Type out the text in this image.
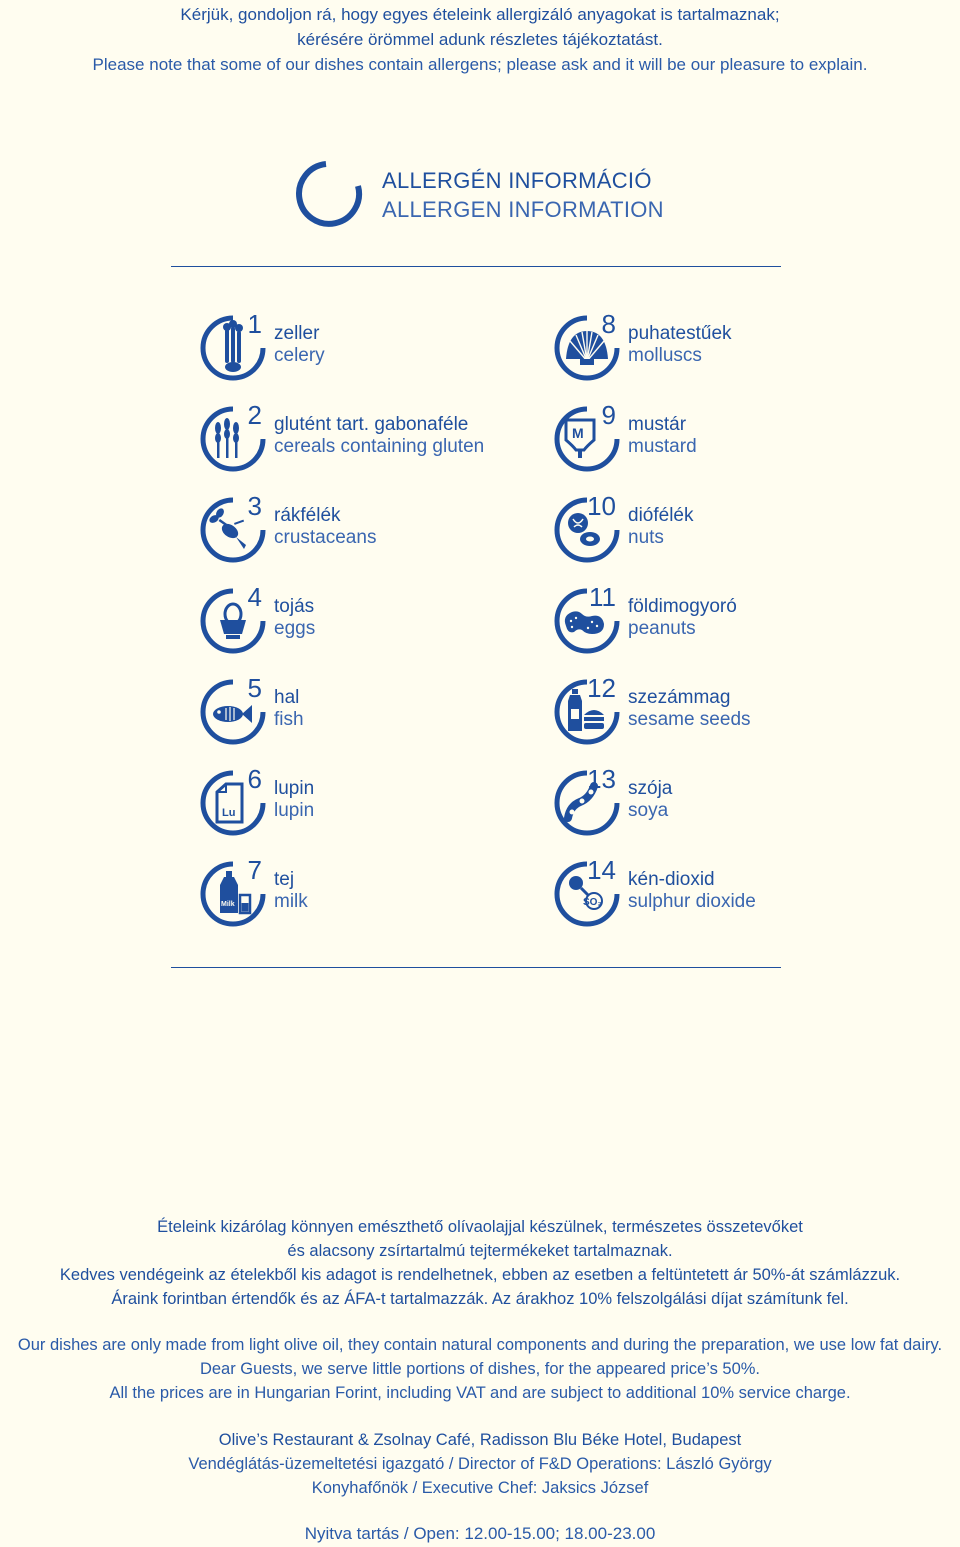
Kérjük, gondoljon rá, hogy egyes ételeink allergizáló anyagokat is tartalmaznak;
kérésére örömmel adunk részletes tájékoztatást.
Please note that some of our dishes contain allergens; please ask and it will be our pleasure to explain.
ALLERGÉN INFORMÁCIÓ
ALLERGEN INFORMATION
1 zeller
celery
2 glutént tart. gabonaféle
cereals containing gluten
3 rákfélék
crustaceans
4 tojás
eggs
5 hal
fish
Lu
6 lupin
lupin
Milk
7 tej
milk
8 puhatestűek
molluscs
M
9 mustár
mustard
10 diófélék
nuts
11 földimogyoró
peanuts
12 szezámmag
sesame seeds
13 szója
soya
SO₂
14 kén-dioxid
sulphur dioxide
Ételeink kizárólag könnyen emészthető olívaolajjal készülnek, természetes összetevőket
és alacsony zsírtartalmú tejtermékeket tartalmaznak.
Kedves vendégeink az ételekből kis adagot is rendelhetnek, ebben az esetben a feltüntetett ár 50%-át számlázzuk.
Áraink forintban értendők és az ÁFA-t tartalmazzák. Az árakhoz 10% felszolgálási díjat számítunk fel.
Our dishes are only made from light olive oil, they contain natural components and during the preparation, we use low fat dairy.
Dear Guests, we serve little portions of dishes, for the appeared price’s 50%.
All the prices are in Hungarian Forint, including VAT and are subject to additional 10% service charge.
Olive’s Restaurant & Zsolnay Café, Radisson Blu Béke Hotel, Budapest
Vendéglátás-üzemeltetési igazgató / Director of F&D Operations: László György
Konyhafőnök / Executive Chef: Jaksics József
Nyitva tartás / Open: 12.00-15.00; 18.00-23.00
